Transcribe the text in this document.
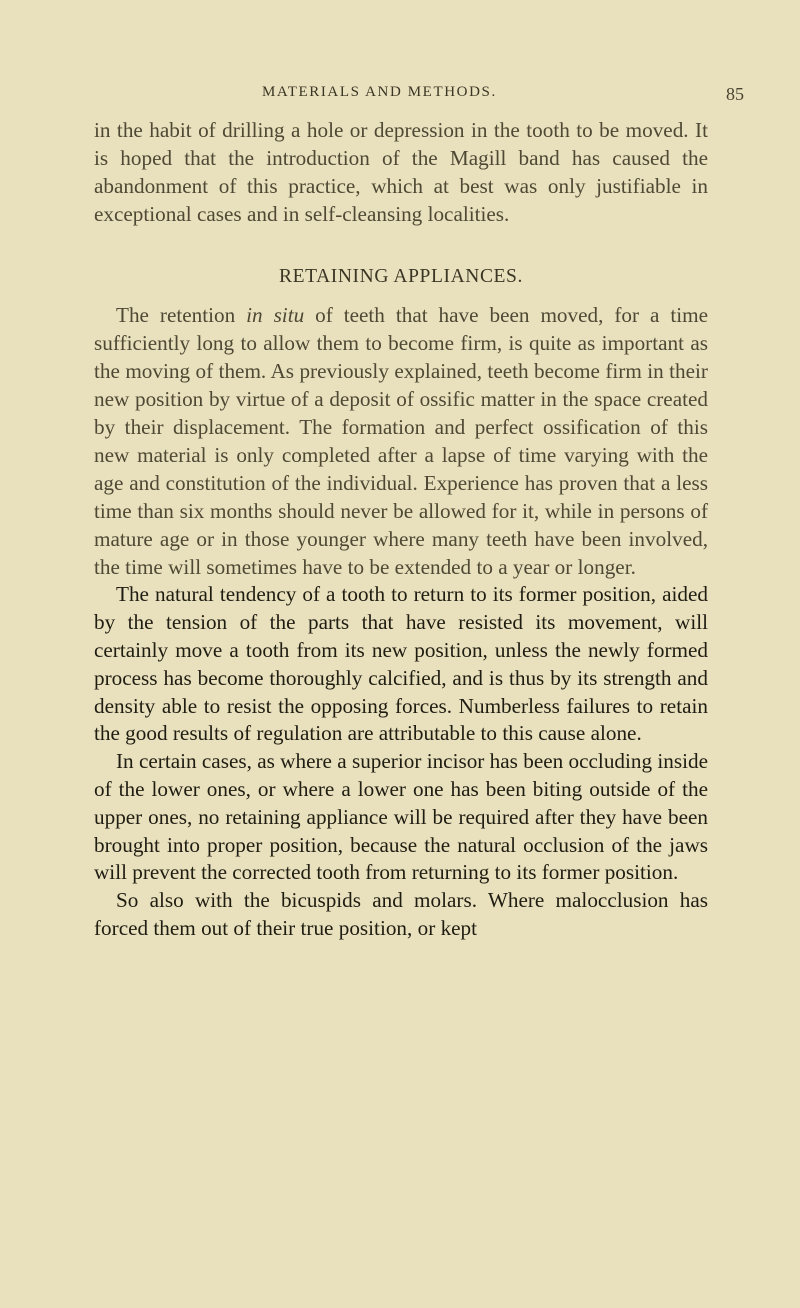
MATERIALS AND METHODS.	85

in the habit of drilling a hole or depression in the tooth to be moved. It is hoped that the introduction of the Magill band has caused the abandonment of this practice, which at best was only justifiable in exceptional cases and in self-cleansing localities.

RETAINING APPLIANCES.

The retention in situ of teeth that have been moved, for a time sufficiently long to allow them to become firm, is quite as important as the moving of them. As previously explained, teeth become firm in their new position by virtue of a deposit of ossific matter in the space created by their displacement. The formation and perfect ossification of this new material is only completed after a lapse of time varying with the age and constitution of the individual. Experience has proven that a less time than six months should never be allowed for it, while in persons of mature age or in those younger where many teeth have been involved, the time will sometimes have to be extended to a year or longer.

The natural tendency of a tooth to return to its former position, aided by the tension of the parts that have resisted its movement, will certainly move a tooth from its new position, unless the newly formed process has become thoroughly calcified, and is thus by its strength and density able to resist the opposing forces. Numberless failures to retain the good results of regulation are attributable to this cause alone.

In certain cases, as where a superior incisor has been occluding inside of the lower ones, or where a lower one has been biting outside of the upper ones, no retaining appliance will be required after they have been brought into proper position, because the natural occlusion of the jaws will prevent the corrected tooth from returning to its former position.

So also with the bicuspids and molars. Where malocclusion has forced them out of their true position, or kept
